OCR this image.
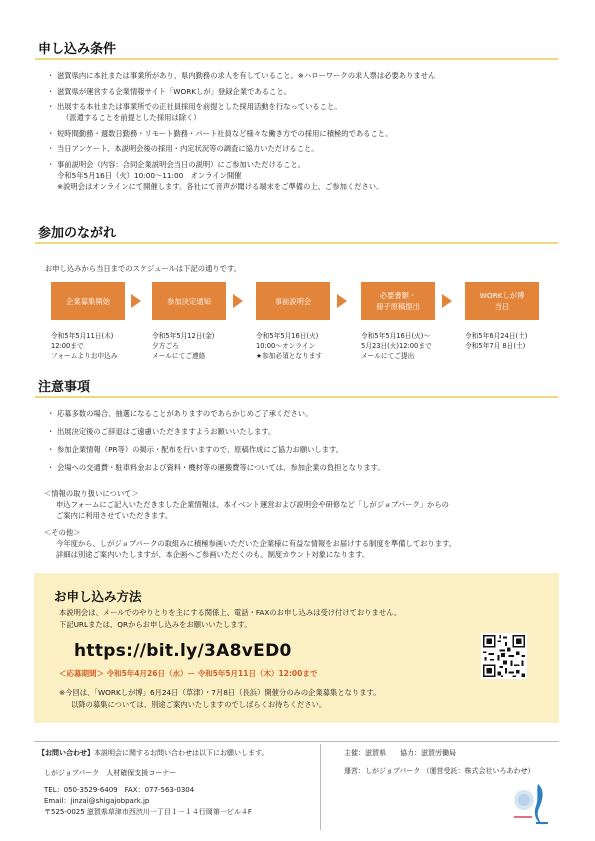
申し込み条件
・ 滋賀県内に本社または事業所があり、県内勤務の求人を有していること。※ハローワークの求人票は必要ありません
・ 滋賀県が運営する企業情報サイト「WORKしが」登録企業であること。
・ 出展する本社または事業所での正社員採用を前提とした採用活動を行なっていること。
（派遣することを前提とした採用は除く）
・ 短時間勤務・週数日勤務・リモート勤務・パート社員など様々な働き方での採用に積極的であること。
・ 当日アンケート、本説明会後の採用・内定状況等の調査に協力いただけること。
・ 事前説明会（内容：合同企業説明会当日の説明）にご参加いただけること。
令和5年5月16日（火）10:00～11:00　オンライン開催
※説明会はオンラインにて開催します。各社にて音声が聞ける端末をご準備の上、ご参加ください。
参加のながれ
お申し込みから当日までのスケジュールは下記の通りです。
企業募集開始	参加決定通知	事前説明会
必要書類・
冊子原稿提出
WORKしが博
当日
令和5年5月11日(木)
12:00まで
フォームよりお申込み
令和5年5月12日(金)
夕方ごろ
メールにてご連絡
令和5年5月16日(火)
10:00～オンライン
★参加必須となります
令和5年5月16日(火)～
5月23日(火)12:00まで
メールにてご提出
令和5年6月24日(土)
令和5年7月 8日(土)
注意事項
・ 応募多数の場合、抽選になることがありますのであらかじめご了承ください。
・ 出展決定後のご辞退はご遠慮いただきますようお願いいたします。
・ 参加企業情報（PR等）の掲示・配布を行いますので、原稿作成にご協力お願いします。
・ 会場への交通費・駐車料金および資料・機材等の運搬費等については、参加企業の負担となります。
＜情報の取り扱いについて＞
申込フォームにご記入いただきました企業情報は、本イベント運営および説明会や研修など「しがジョブパーク」からの
ご案内に利用させていただきます。
＜その他＞
今年度から、しがジョブパークの取組みに積極参画いただいた企業様に有益な情報をお届けする制度を準備しております。
詳細は別途ご案内いたしますが、本企画へご参画いただくのも、制度カウント対象になります。
お申し込み方法
本説明会は、メールでのやりとりを主にする関係上、電話・FAXのお申し込みは受け付けておりません。
下記URLまたは、QRからお申し込みをお願いいたします。
https://bit.ly/3A8vED0
＜応募期間＞ 令和5年4月26日（水）ー 令和5年5月11日（木）12:00まで
※今回は、「WORKしが博」6月24日（草津）・7月8日（長浜）開催分のみの企業募集となります。
以降の募集については、別途ご案内いたしますのでしばらくお待ちください。
【お問い合わせ】本説明会に関するお問い合わせは以下にお願いします。
しがジョブパーク　人材確保支援コーナー
TEL：050-3529-6409　FAX：077-563-0304
Email：jinzai@shigajobpark.jp
〒525-0025 滋賀県草津市西渋川一丁目１－１４行岡第一ビル４F
主催：滋賀県　　協力：滋賀労働局
運営：しがジョブパーク （運営受託：株式会社いろあわせ）
